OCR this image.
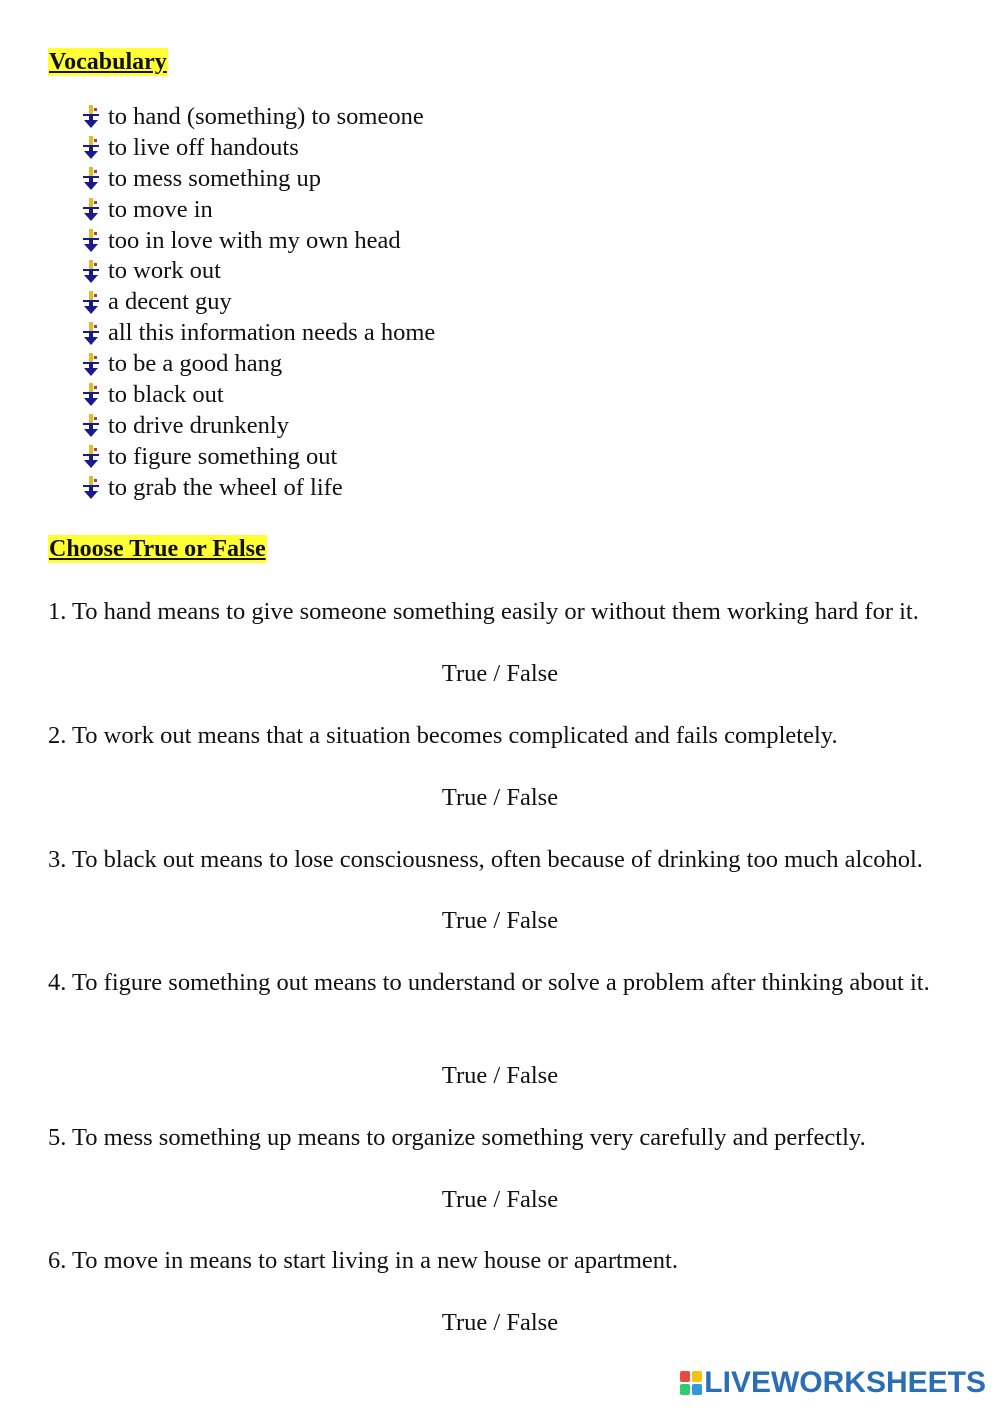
Vocabulary
to hand (something) to someone
to live off handouts
to mess something up
to move in
too in love with my own head
to work out
a decent guy
all this information needs a home
to be a good hang
to black out
to drive drunkenly
to figure something out
to grab the wheel of life
Choose True or False
1. To hand means to give someone something easily or without them working hard for it.
True / False
2. To work out means that a situation becomes complicated and fails completely.
True / False
3. To black out means to lose consciousness, often because of drinking too much alcohol.
True / False
4. To figure something out means to understand or solve a problem after thinking about it.
True / False
5. To mess something up means to organize something very carefully and perfectly.
True / False
6. To move in means to start living in a new house or apartment.
True / False
LIVEWORKSHEETS
